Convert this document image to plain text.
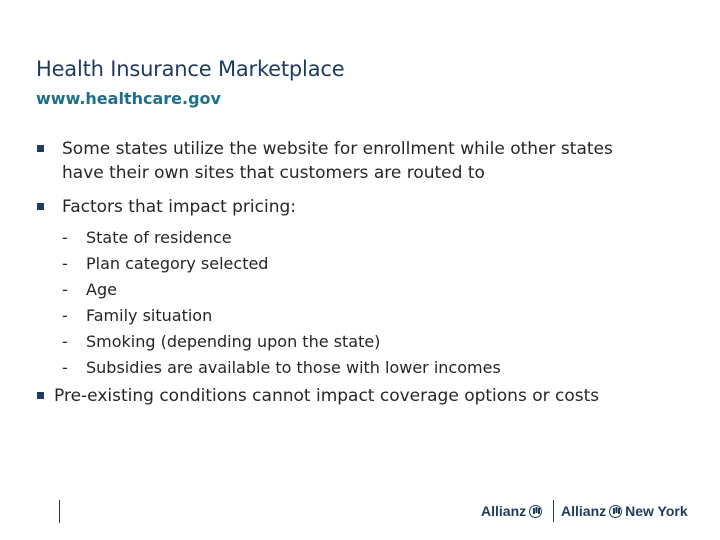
Health Insurance Marketplace
www.healthcare.gov
Some states utilize the website for enrollment while other states
have their own sites that customers are routed to
Factors that impact pricing:
- State of residence
- Plan category selected
- Age
- Family situation
- Smoking (depending upon the state)
- Subsidies are available to those with lower incomes
Pre-existing conditions cannot impact coverage options or costs
Allianz Allianz New York
